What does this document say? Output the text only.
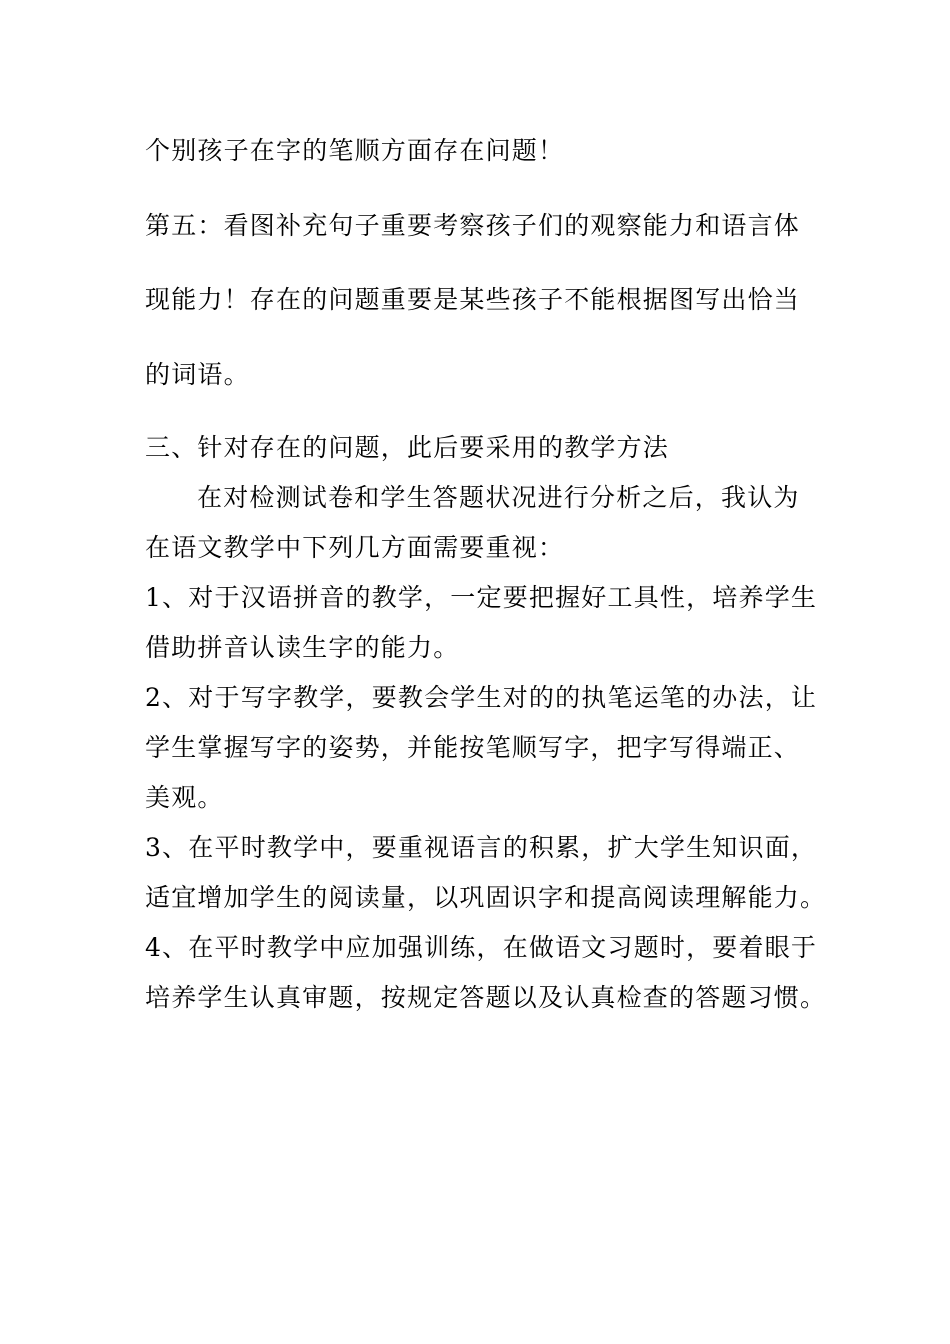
个别孩子在字的笔顺方面存在问题！
第五：看图补充句子重要考察孩子们的观察能力和语言体
现能力！存在的问题重要是某些孩子不能根据图写出恰当
的词语。
三、针对存在的问题，此后要采用的教学方法
在对检测试卷和学生答题状况进行分析之后，我认为
在语文教学中下列几方面需要重视：
1、对于汉语拼音的教学，一定要把握好工具性，培养学生
借助拼音认读生字的能力。
2、对于写字教学，要教会学生对的的执笔运笔的办法，让
学生掌握写字的姿势，并能按笔顺写字，把字写得端正、
美观。
3、在平时教学中，要重视语言的积累，扩大学生知识面，
适宜增加学生的阅读量，以巩固识字和提高阅读理解能力。
4、在平时教学中应加强训练，在做语文习题时，要着眼于
培养学生认真审题，按规定答题以及认真检查的答题习惯。
